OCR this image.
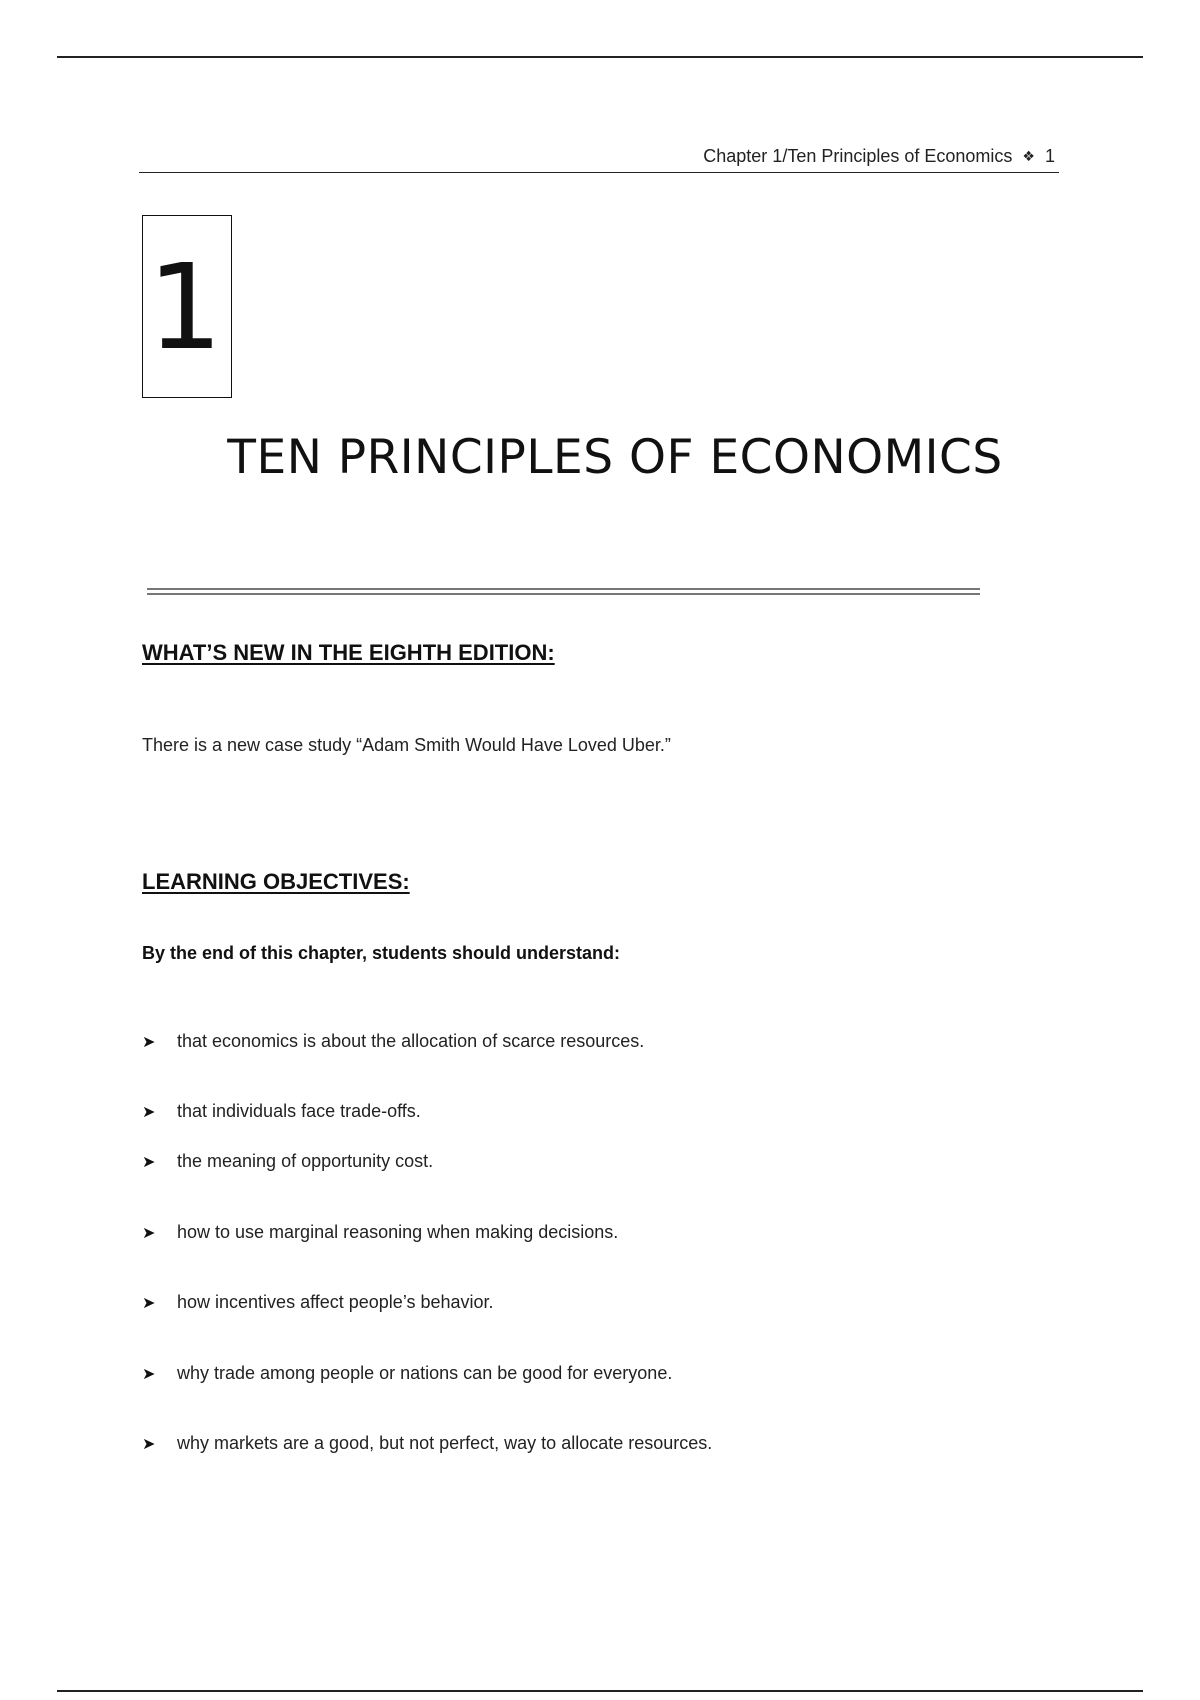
Chapter 1/Ten Principles of Economics ❖ 1
1
TEN PRINCIPLES OF ECONOMICS
WHAT’S NEW IN THE EIGHTH EDITION:
There is a new case study “Adam Smith Would Have Loved Uber.”
LEARNING OBJECTIVES:
By the end of this chapter, students should understand:
➤ that economics is about the allocation of scarce resources.
➤ that individuals face trade-offs.
➤ the meaning of opportunity cost.
➤ how to use marginal reasoning when making decisions.
➤ how incentives affect people’s behavior.
➤ why trade among people or nations can be good for everyone.
➤ why markets are a good, but not perfect, way to allocate resources.
